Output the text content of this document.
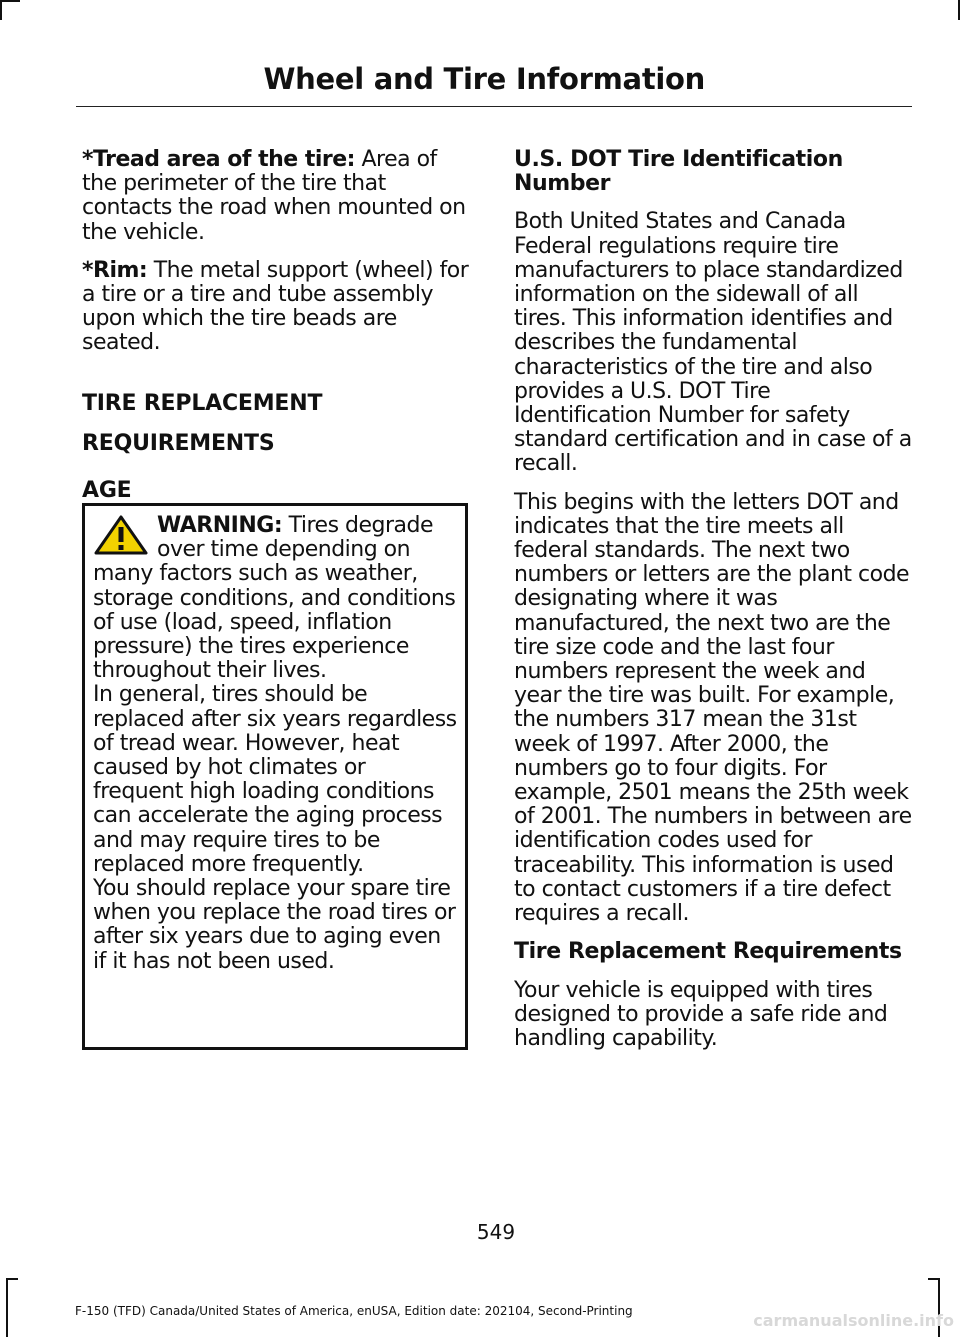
Wheel and Tire Information

*Tread area of the tire: Area of the perimeter of the tire that contacts the road when mounted on the vehicle.

*Rim: The metal support (wheel) for a tire or a tire and tube assembly upon which the tire beads are seated.

TIRE REPLACEMENT
REQUIREMENTS
AGE

WARNING: Tires degrade over time depending on many factors such as weather, storage conditions, and conditions of use (load, speed, inflation pressure) the tires experience throughout their lives.

In general, tires should be replaced after six years regardless of tread wear. However, heat caused by hot climates or frequent high loading conditions can accelerate the aging process and may require tires to be replaced more frequently.

You should replace your spare tire when you replace the road tires or after six years due to aging even if it has not been used.

U.S. DOT Tire Identification Number

Both United States and Canada Federal regulations require tire manufacturers to place standardized information on the sidewall of all tires. This information identifies and describes the fundamental characteristics of the tire and also provides a U.S. DOT Tire Identification Number for safety standard certification and in case of a recall.

This begins with the letters DOT and indicates that the tire meets all federal standards. The next two numbers or letters are the plant code designating where it was manufactured, the next two are the tire size code and the last four numbers represent the week and year the tire was built. For example, the numbers 317 mean the 31st week of 1997. After 2000, the numbers go to four digits. For example, 2501 means the 25th week of 2001. The numbers in between are identification codes used for traceability. This information is used to contact customers if a tire defect requires a recall.

Tire Replacement Requirements

Your vehicle is equipped with tires designed to provide a safe ride and handling capability.

549
F-150 (TFD) Canada/United States of America, enUSA, Edition date: 202104, Second-Printing	carmanualsonline.info
